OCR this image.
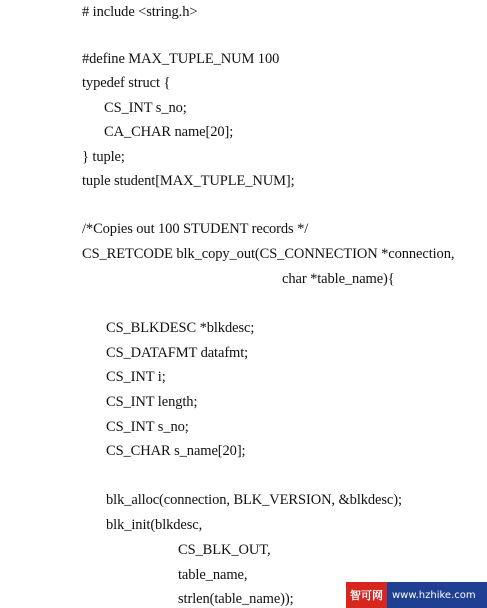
# include <string.h>
#define MAX_TUPLE_NUM 100
typedef struct {
CS_INT s_no;
CA_CHAR name[20];
} tuple;
tuple student[MAX_TUPLE_NUM];
/*Copies out 100 STUDENT records */
CS_RETCODE blk_copy_out(CS_CONNECTION *connection,
char *table_name){
CS_BLKDESC *blkdesc;
CS_DATAFMT datafmt;
CS_INT i;
CS_INT length;
CS_INT s_no;
CS_CHAR s_name[20];
blk_alloc(connection, BLK_VERSION, &blkdesc);
blk_init(blkdesc,
CS_BLK_OUT,
table_name,
strlen(table_name));	智可网 www.hzhike.com
